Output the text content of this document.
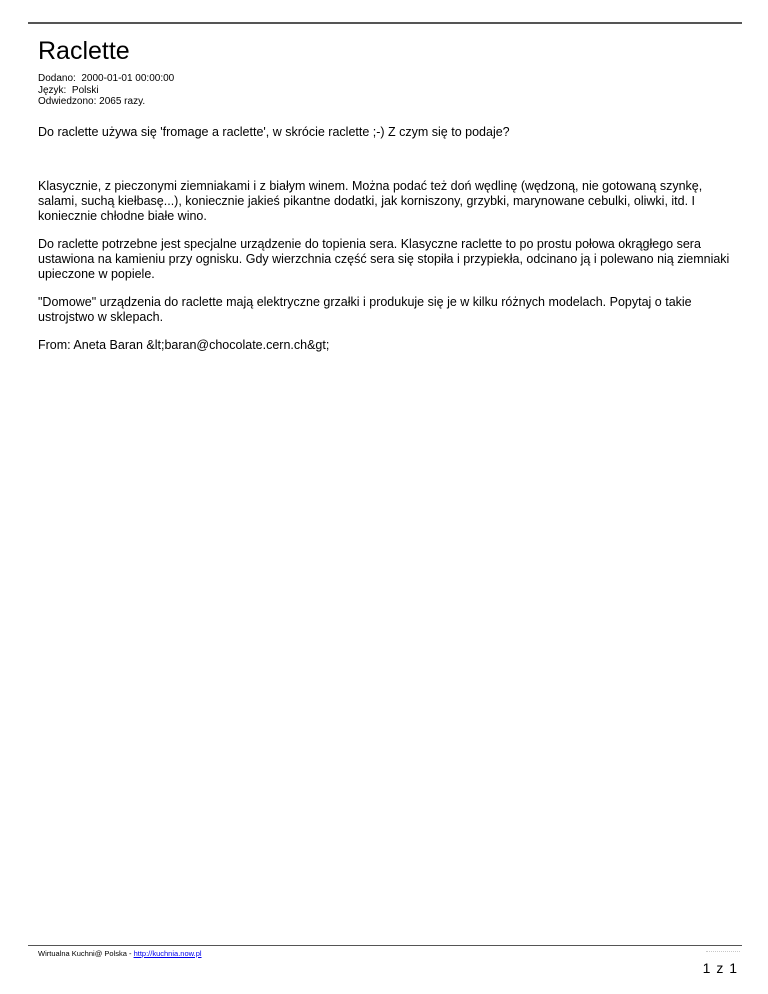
Raclette
Dodano:  2000-01-01 00:00:00
Język:  Polski
Odwiedzono: 2065 razy.

Do raclette używa się 'fromage a raclette', w skrócie raclette ;-) Z czym się to podaje?

Klasycznie, z pieczonymi ziemniakami i z białym winem. Można podać też doń wędlinę (wędzoną, nie gotowaną szynkę, salami, suchą kiełbasę...), koniecznie jakieś pikantne dodatki, jak korniszony, grzybki, marynowane cebulki, oliwki, itd. I koniecznie chłodne białe wino.

Do raclette potrzebne jest specjalne urządzenie do topienia sera. Klasyczne raclette to po prostu połowa okrągłego sera ustawiona na kamieniu przy ognisku. Gdy wierzchnia część sera się stopiła i przypiekła, odcinano ją i polewano nią ziemniaki upieczone w popiele.

"Domowe" urządzenia do raclette mają elektryczne grzałki i produkuje się je w kilku różnych modelach. Popytaj o takie ustrojstwo w sklepach.

From: Aneta Baran &lt;baran@chocolate.cern.ch&gt;

Wirtualna Kuchni@ Polska - http://kuchnia.now.pl
1 z 1
